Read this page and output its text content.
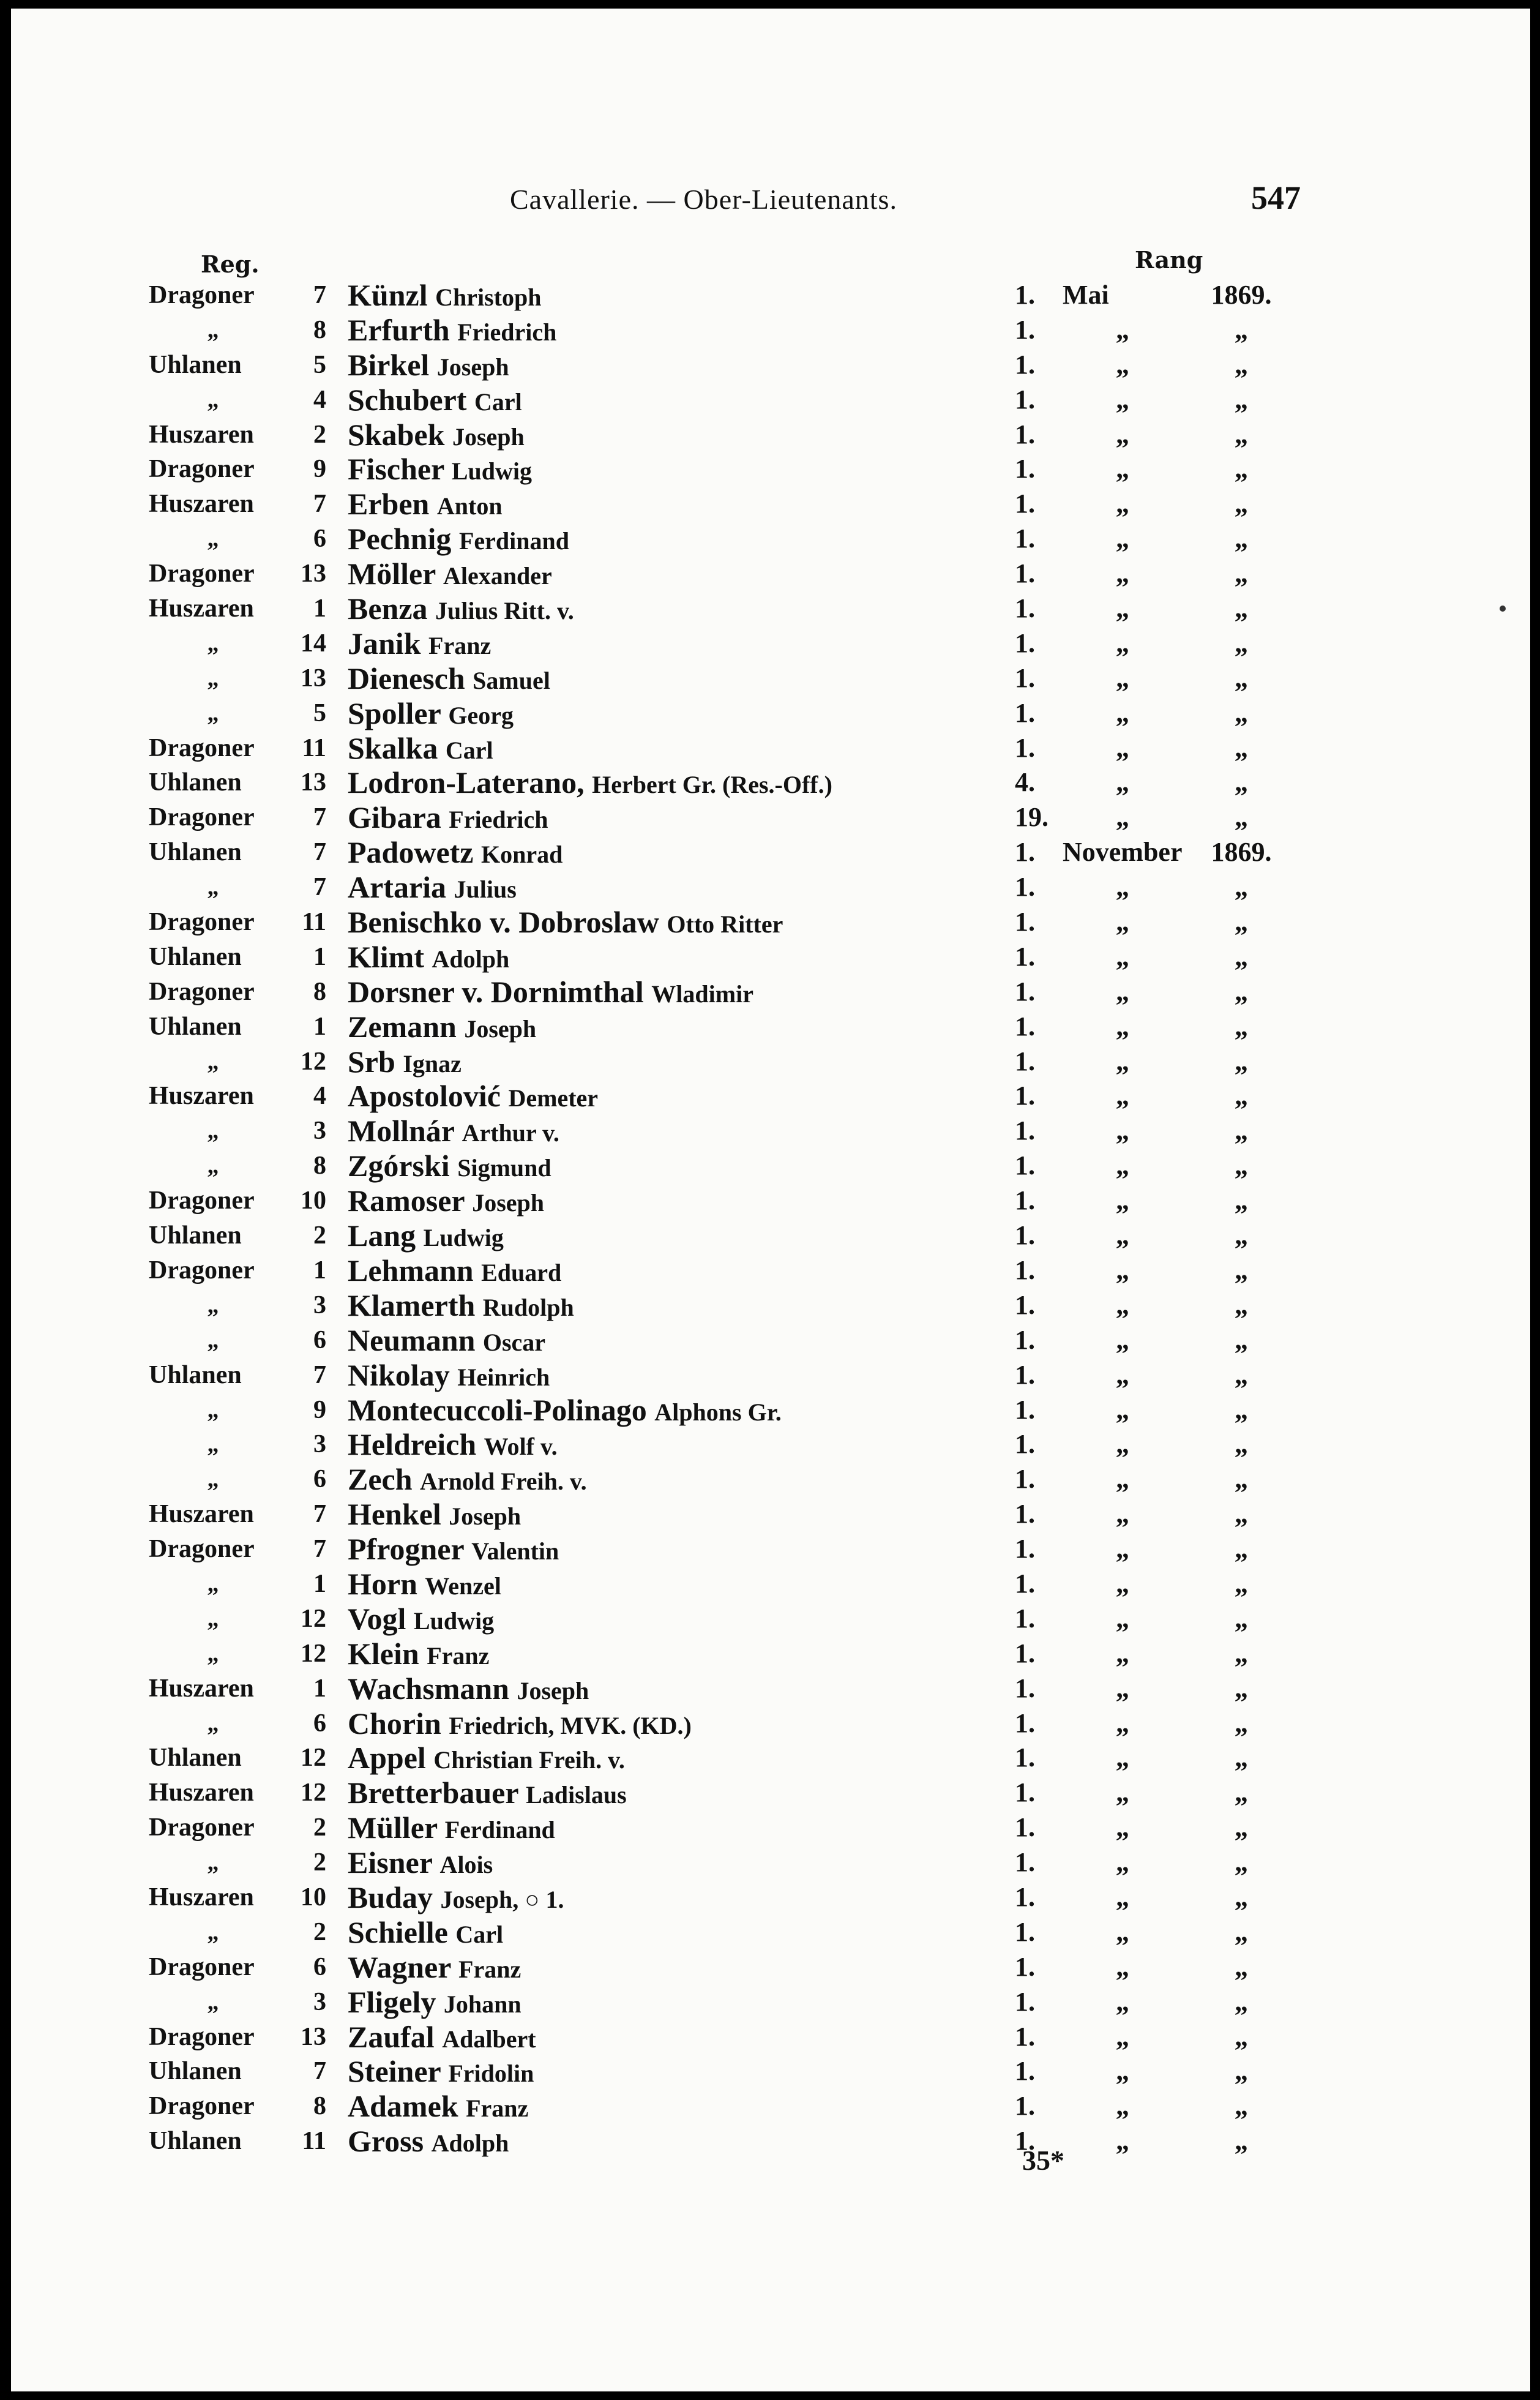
Cavallerie. — Ober-Lieutenants.	547
Reg.	Rang
Dragoner	7 Künzl Christoph	1.	Mai	1869.
„	8 Erfurth Friedrich	1.	„	„
Uhlanen	5 Birkel Joseph	1.	„	„
„	4 Schubert Carl	1.	„	„
Huszaren	2 Skabek Joseph	1.	„	„
Dragoner	9 Fischer Ludwig	1.	„	„
Huszaren	7 Erben Anton	1.	„	„
„	6 Pechnig Ferdinand	1.	„	„
Dragoner	13 Möller Alexander	1.	„	„
Huszaren	1 Benza Julius Ritt. v.	1.	„	„
„	14 Janik Franz	1.	„	„
„	13 Dienesch Samuel	1.	„	„
„	5 Spoller Georg	1.	„	„
Dragoner	11 Skalka Carl	1.	„	„
Uhlanen	13 Lodron-Laterano, Herbert Gr. (Res.-Off.)	4.	„	„
Dragoner	7 Gibara Friedrich	19.	„	„
Uhlanen	7 Padowetz Konrad	1.	November	1869.
„	7 Artaria Julius	1.	„	„
Dragoner	11 Benischko v. Dobroslaw Otto Ritter	1.	„	„
Uhlanen	1 Klimt Adolph	1.	„	„
Dragoner	8 Dorsner v. Dornimthal Wladimir	1.	„	„
Uhlanen	1 Zemann Joseph	1.	„	„
„	12 Srb Ignaz	1.	„	„
Huszaren	4 Apostolović Demeter	1.	„	„
„	3 Mollnár Arthur v.	1.	„	„
„	8 Zgórski Sigmund	1.	„	„
Dragoner	10 Ramoser Joseph	1.	„	„
Uhlanen	2 Lang Ludwig	1.	„	„
Dragoner	1 Lehmann Eduard	1.	„	„
„	3 Klamerth Rudolph	1.	„	„
„	6 Neumann Oscar	1.	„	„
Uhlanen	7 Nikolay Heinrich	1.	„	„
„	9 Montecuccoli-Polinago Alphons Gr.	1.	„	„
„	3 Heldreich Wolf v.	1.	„	„
„	6 Zech Arnold Freih. v.	1.	„	„
Huszaren	7 Henkel Joseph	1.	„	„
Dragoner	7 Pfrogner Valentin	1.	„	„
„	1 Horn Wenzel	1.	„	„
„	12 Vogl Ludwig	1.	„	„
„	12 Klein Franz	1.	„	„
Huszaren	1 Wachsmann Joseph	1.	„	„
„	6 Chorin Friedrich, MVK. (KD.)	1.	„	„
Uhlanen	12 Appel Christian Freih. v.	1.	„	„
Huszaren	12 Bretterbauer Ladislaus	1.	„	„
Dragoner	2 Müller Ferdinand	1.	„	„
„	2 Eisner Alois	1.	„	„
Huszaren	10 Buday Joseph, ○ 1.	1.	„	„
„	2 Schielle Carl	1.	„	„
Dragoner	6 Wagner Franz	1.	„	„
„	3 Fligely Johann	1.	„	„
Dragoner	13 Zaufal Adalbert	1.	„	„
Uhlanen	7 Steiner Fridolin	1.	„	„
Dragoner	8 Adamek Franz	1.	„	„
Uhlanen	11 Gross Adolph	1.	„	„
35*
